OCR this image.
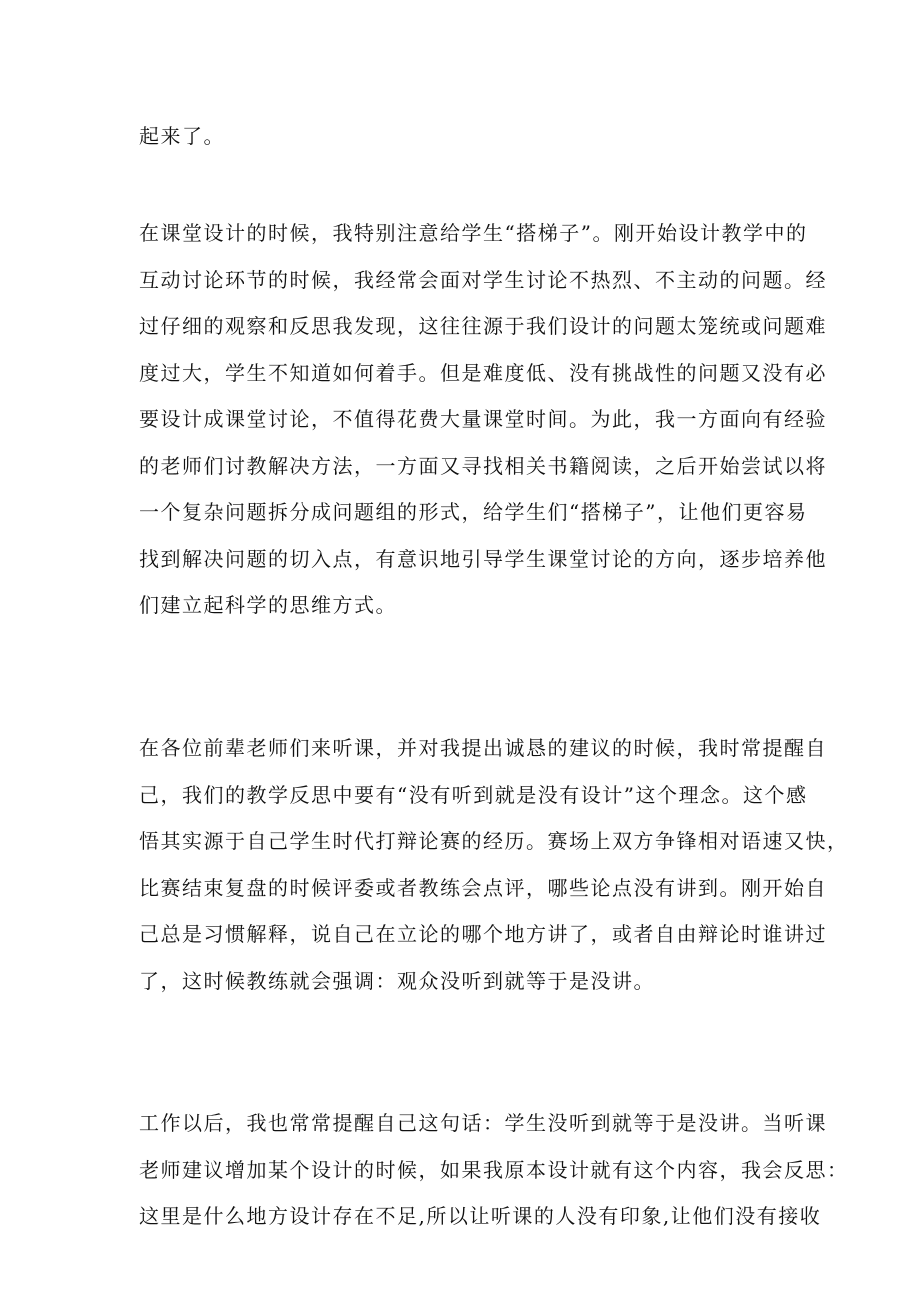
起来了。
在课堂设计的时候，我特别注意给学生“搭梯子”。刚开始设计教学中的
互动讨论环节的时候，我经常会面对学生讨论不热烈、不主动的问题。经
过仔细的观察和反思我发现，这往往源于我们设计的问题太笼统或问题难
度过大，学生不知道如何着手。但是难度低、没有挑战性的问题又没有必
要设计成课堂讨论，不值得花费大量课堂时间。为此，我一方面向有经验
的老师们讨教解决方法，一方面又寻找相关书籍阅读，之后开始尝试以将
一个复杂问题拆分成问题组的形式，给学生们“搭梯子”，让他们更容易
找到解决问题的切入点，有意识地引导学生课堂讨论的方向，逐步培养他
们建立起科学的思维方式。
在各位前辈老师们来听课，并对我提出诚恳的建议的时候，我时常提醒自
己，我们的教学反思中要有“没有听到就是没有设计”这个理念。这个感
悟其实源于自己学生时代打辩论赛的经历。赛场上双方争锋相对语速又快，
比赛结束复盘的时候评委或者教练会点评，哪些论点没有讲到。刚开始自
己总是习惯解释，说自己在立论的哪个地方讲了，或者自由辩论时谁讲过
了，这时候教练就会强调：观众没听到就等于是没讲。
工作以后，我也常常提醒自己这句话：学生没听到就等于是没讲。当听课
老师建议增加某个设计的时候，如果我原本设计就有这个内容，我会反思：
这里是什么地方设计存在不足,所以让听课的人没有印象,让他们没有接收
